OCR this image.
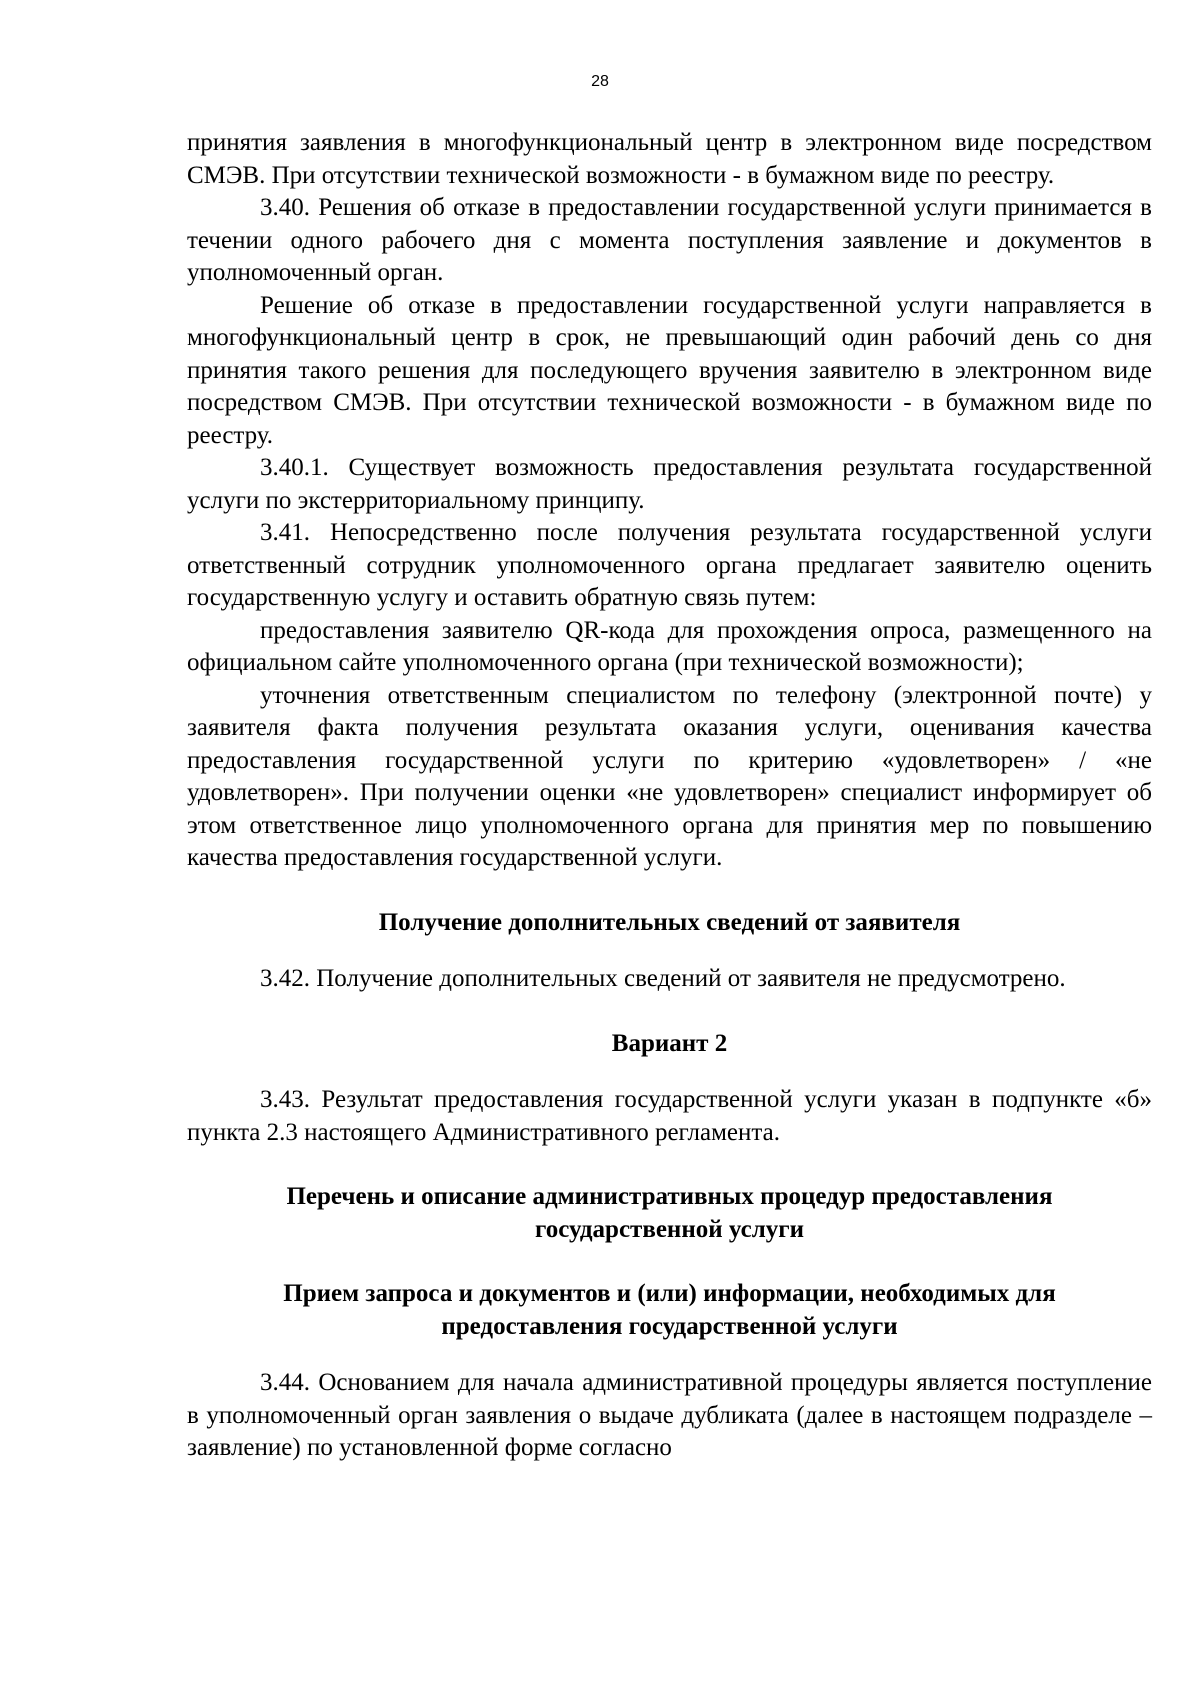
28

принятия заявления в многофункциональный центр в электронном виде посредством СМЭВ. При отсутствии технической возможности - в бумажном виде по реестру.

3.40. Решения об отказе в предоставлении государственной услуги принимается в течении одного рабочего дня с момента поступления заявление и документов в уполномоченный орган.

Решение об отказе в предоставлении государственной услуги направляется в многофункциональный центр в срок, не превышающий один рабочий день со дня принятия такого решения для последующего вручения заявителю в электронном виде посредством СМЭВ. При отсутствии технической возможности - в бумажном виде по реестру.

3.40.1. Существует возможность предоставления результата государственной услуги по экстерриториальному принципу.

3.41. Непосредственно после получения результата государственной услуги ответственный сотрудник уполномоченного органа предлагает заявителю оценить государственную услугу и оставить обратную связь путем:

предоставления заявителю QR-кода для прохождения опроса, размещенного на официальном сайте уполномоченного органа (при технической возможности);

уточнения ответственным специалистом по телефону (электронной почте) у заявителя факта получения результата оказания услуги, оценивания качества предоставления государственной услуги по критерию «удовлетворен» / «не удовлетворен». При получении оценки «не удовлетворен» специалист информирует об этом ответственное лицо уполномоченного органа для принятия мер по повышению качества предоставления государственной услуги.

Получение дополнительных сведений от заявителя

3.42. Получение дополнительных сведений от заявителя не предусмотрено.

Вариант 2

3.43. Результат предоставления государственной услуги указан в подпункте «б» пункта 2.3 настоящего Административного регламента.

Перечень и описание административных процедур предоставления государственной услуги

Прием запроса и документов и (или) информации, необходимых для предоставления государственной услуги

3.44. Основанием для начала административной процедуры является поступление в уполномоченный орган заявления о выдаче дубликата (далее в настоящем подразделе – заявление) по установленной форме согласно
